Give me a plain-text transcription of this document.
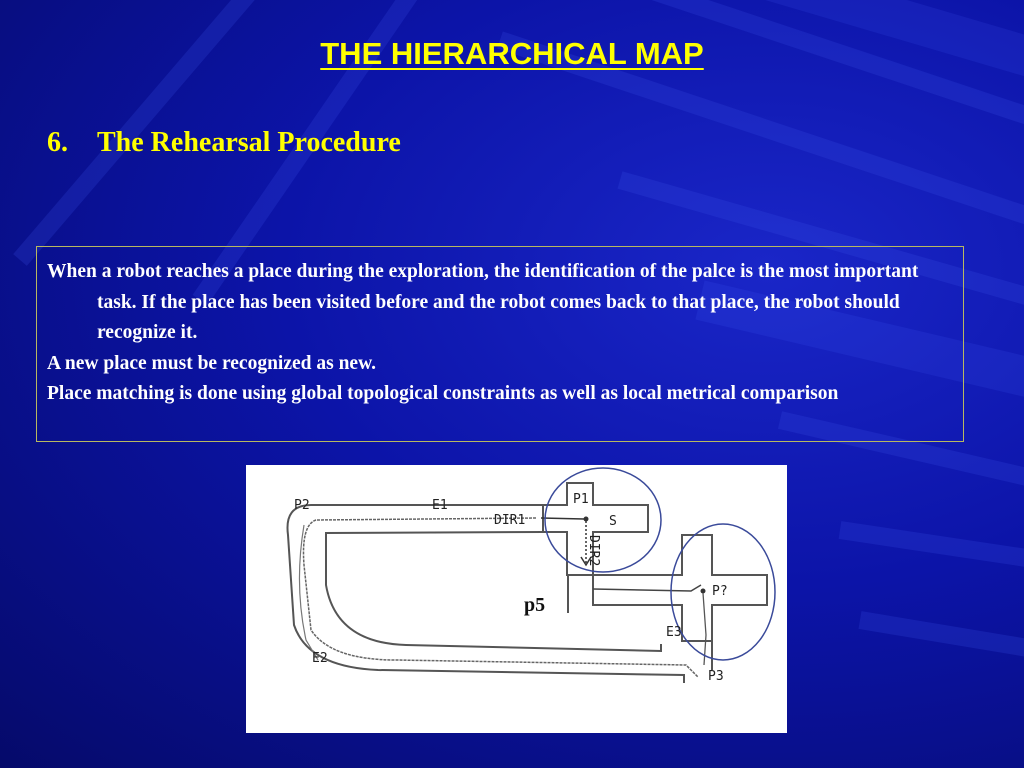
THE HIERARCHICAL MAP
6. The Rehearsal Procedure

When a robot reaches a place during the exploration, the identification of the palce is the most important task. If the place has been visited before and the robot comes back to that place, the robot should recognize it.

A new place must be recognized as new.

Place matching is done using global topological constraints as well as local metrical comparison

P2	E1
DIR1
P1
S
DIR2
P?
p5
E3
E2
P3
